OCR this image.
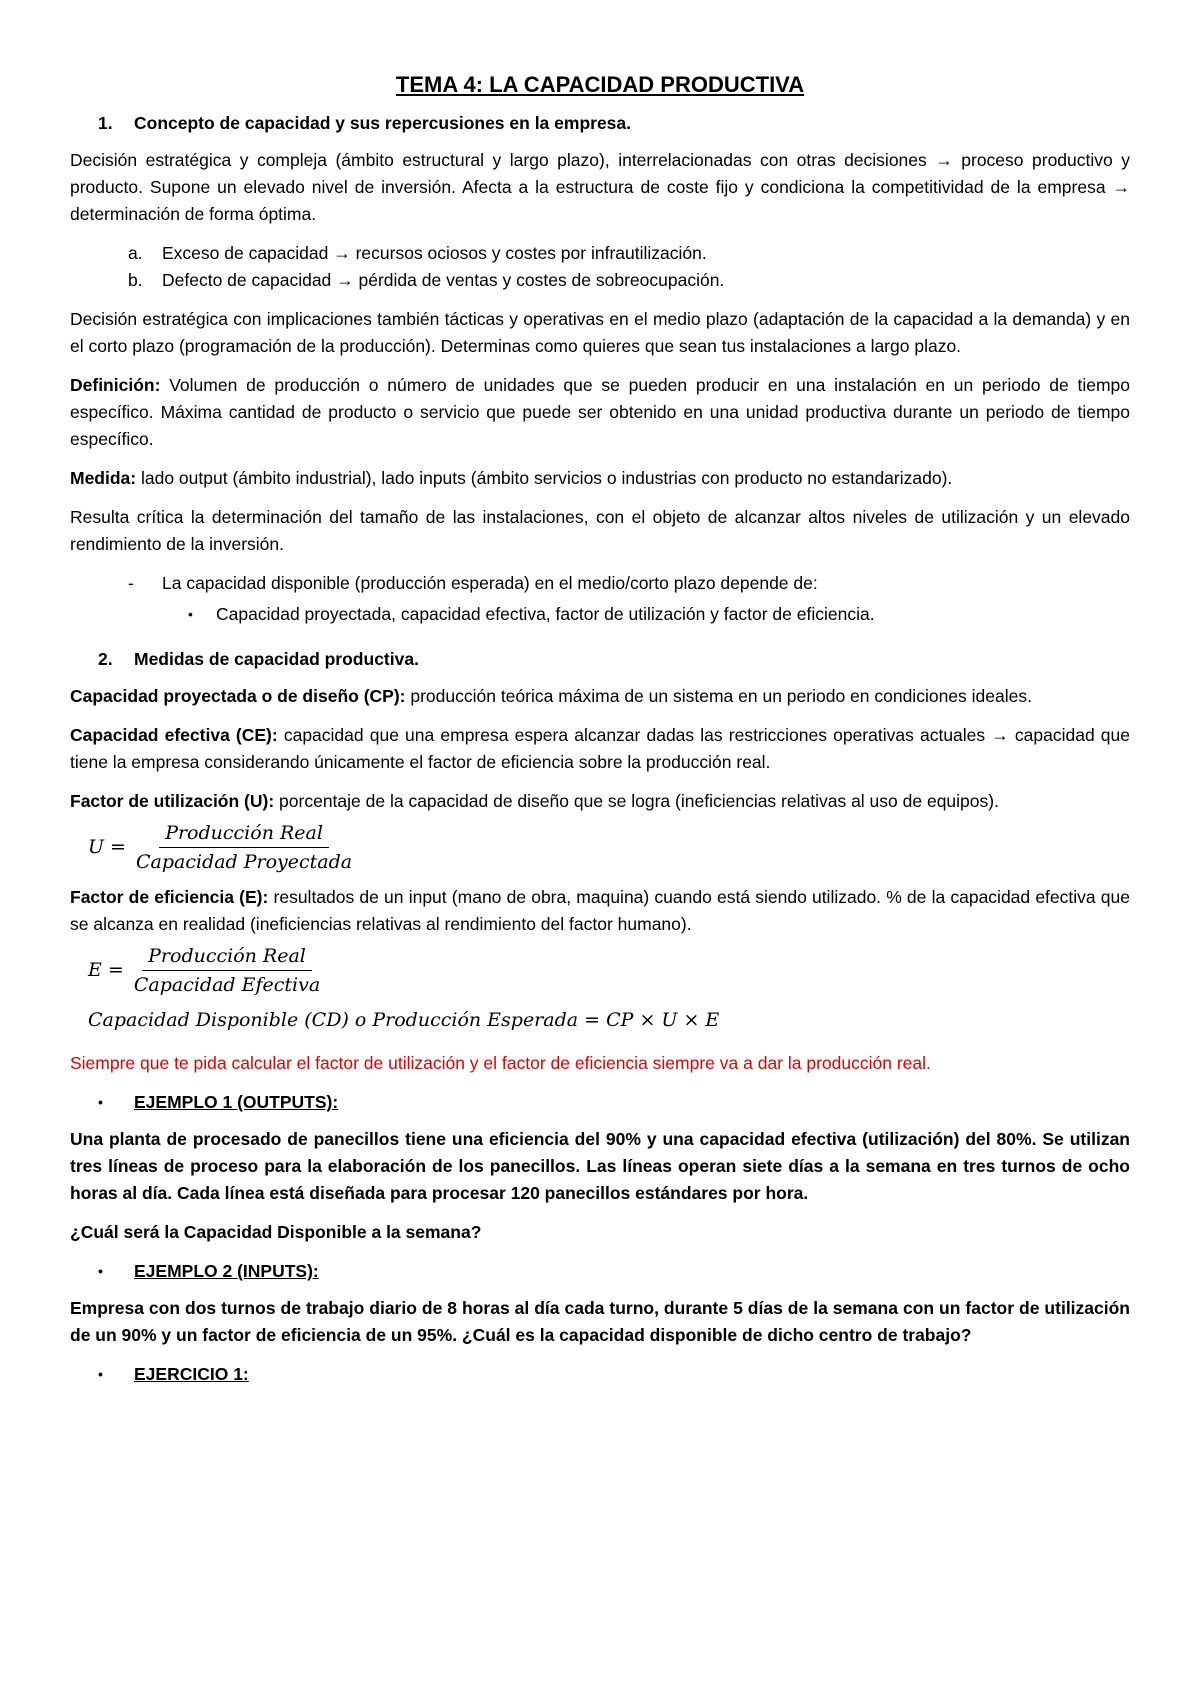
TEMA 4: LA CAPACIDAD PRODUCTIVA
1.	Concepto de capacidad y sus repercusiones en la empresa.

Decisión estratégica y compleja (ámbito estructural y largo plazo), interrelacionadas con otras decisiones → proceso productivo y producto. Supone un elevado nivel de inversión. Afecta a la estructura de coste fijo y condiciona la competitividad de la empresa → determinación de forma óptima.

a.	Exceso de capacidad → recursos ociosos y costes por infrautilización.
b.	Defecto de capacidad → pérdida de ventas y costes de sobreocupación.

Decisión estratégica con implicaciones también tácticas y operativas en el medio plazo (adaptación de la capacidad a la demanda) y en el corto plazo (programación de la producción). Determinas como quieres que sean tus instalaciones a largo plazo.

Definición: Volumen de producción o número de unidades que se pueden producir en una instalación en un periodo de tiempo específico. Máxima cantidad de producto o servicio que puede ser obtenido en una unidad productiva durante un periodo de tiempo específico.

Medida: lado output (ámbito industrial), lado inputs (ámbito servicios o industrias con producto no estandarizado).

Resulta crítica la determinación del tamaño de las instalaciones, con el objeto de alcanzar altos niveles de utilización y un elevado rendimiento de la inversión.

-	La capacidad disponible (producción esperada) en el medio/corto plazo depende de:
•	Capacidad proyectada, capacidad efectiva, factor de utilización y factor de eficiencia.
2.	Medidas de capacidad productiva.

Capacidad proyectada o de diseño (CP): producción teórica máxima de un sistema en un periodo en condiciones ideales.

Capacidad efectiva (CE): capacidad que una empresa espera alcanzar dadas las restricciones operativas actuales → capacidad que tiene la empresa considerando únicamente el factor de eficiencia sobre la producción real.

Factor de utilización (U): porcentaje de la capacidad de diseño que se logra (ineficiencias relativas al uso de equipos).

$U = \frac{\text{Producción Real}}{\text{Capacidad Proyectada}}$

Factor de eficiencia (E): resultados de un input (mano de obra, maquina) cuando está siendo utilizado. % de la capacidad efectiva que se alcanza en realidad (ineficiencias relativas al rendimiento del factor humano).

$E = \frac{\text{Producción Real}}{\text{Capacidad Efectiva}}$
Capacidad Disponible (CD) o Producción Esperada = CP × U × E

Siempre que te pida calcular el factor de utilización y el factor de eficiencia siempre va a dar la producción real.

•	EJEMPLO 1 (OUTPUTS):

Una planta de procesado de panecillos tiene una eficiencia del 90% y una capacidad efectiva (utilización) del 80%. Se utilizan tres líneas de proceso para la elaboración de los panecillos. Las líneas operan siete días a la semana en tres turnos de ocho horas al día. Cada línea está diseñada para procesar 120 panecillos estándares por hora.

¿Cuál será la Capacidad Disponible a la semana?

•	EJEMPLO 2 (INPUTS):

Empresa con dos turnos de trabajo diario de 8 horas al día cada turno, durante 5 días de la semana con un factor de utilización de un 90% y un factor de eficiencia de un 95%. ¿Cuál es la capacidad disponible de dicho centro de trabajo?

•	EJERCICIO 1:
